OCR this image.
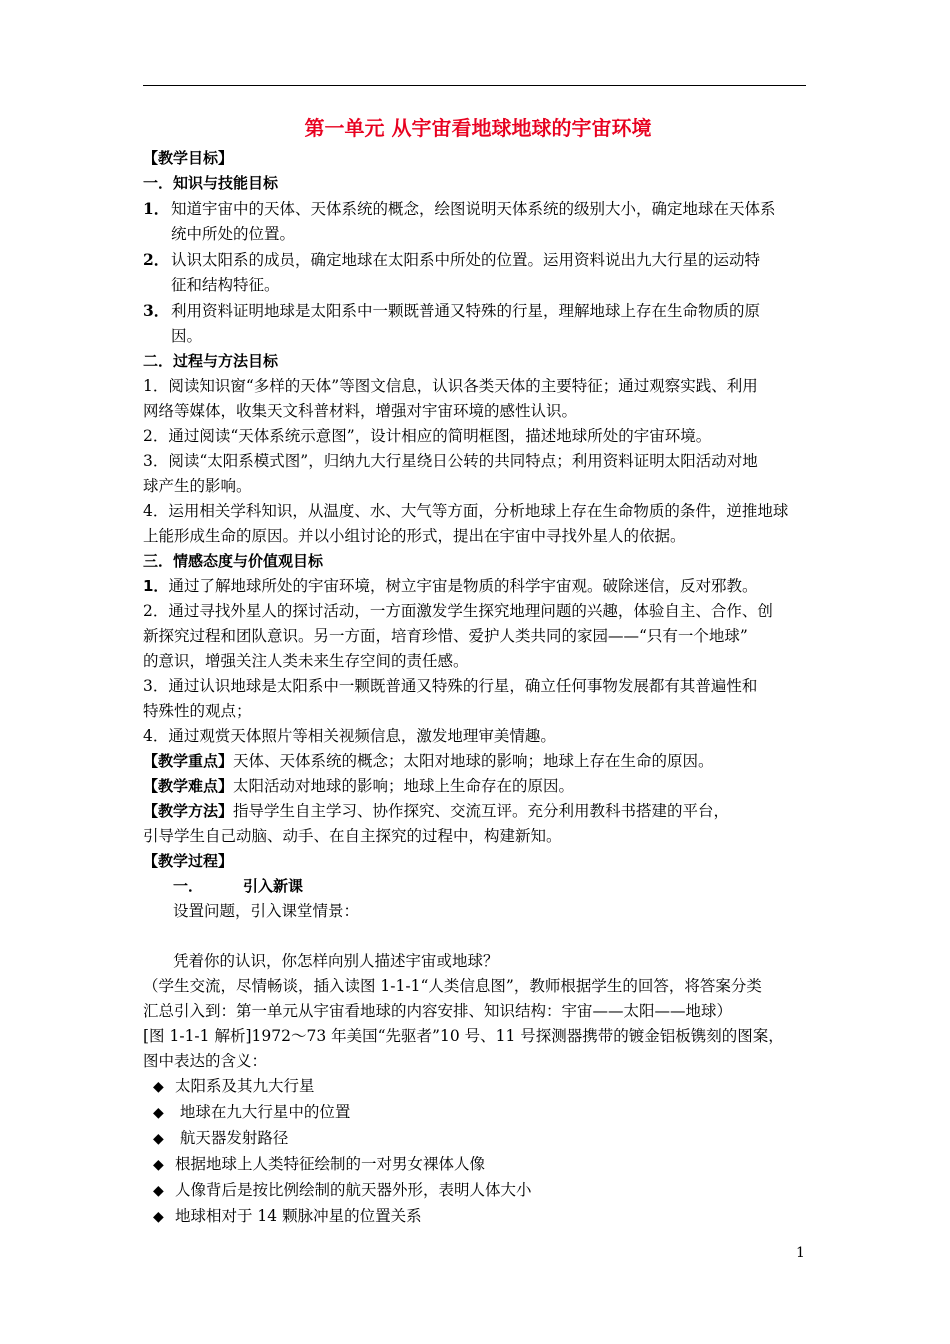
第一单元 从宇宙看地球地球的宇宙环境

【教学目标】

一．知识与技能目标

1． 知道宇宙中的天体、天体系统的概念，绘图说明天体系统的级别大小，确定地球在天体系

统中所处的位置。

2． 认识太阳系的成员，确定地球在太阳系中所处的位置。运用资料说出九大行星的运动特

征和结构特征。

3． 利用资料证明地球是太阳系中一颗既普通又特殊的行星，理解地球上存在生命物质的原

因。

二．过程与方法目标

1．阅读知识窗“多样的天体”等图文信息，认识各类天体的主要特征；通过观察实践、利用

网络等媒体，收集天文科普材料，增强对宇宙环境的感性认识。

2．通过阅读“天体系统示意图”，设计相应的简明框图，描述地球所处的宇宙环境。

3．阅读“太阳系模式图”，归纳九大行星绕日公转的共同特点；利用资料证明太阳活动对地

球产生的影响。

4．运用相关学科知识，从温度、水、大气等方面，分析地球上存在生命物质的条件，逆推地球

上能形成生命的原因。并以小组讨论的形式，提出在宇宙中寻找外星人的依据。

三．情感态度与价值观目标

1．通过了解地球所处的宇宙环境，树立宇宙是物质的科学宇宙观。破除迷信，反对邪教。

2．通过寻找外星人的探讨活动，一方面激发学生探究地理问题的兴趣，体验自主、合作、创

新探究过程和团队意识。另一方面，培育珍惜、爱护人类共同的家园——“只有一个地球”

的意识，增强关注人类未来生存空间的责任感。

3．通过认识地球是太阳系中一颗既普通又特殊的行星，确立任何事物发展都有其普遍性和

特殊性的观点；

4．通过观赏天体照片等相关视频信息，激发地理审美情趣。

【教学重点】天体、天体系统的概念；太阳对地球的影响；地球上存在生命的原因。

【教学难点】太阳活动对地球的影响；地球上生命存在的原因。

【教学方法】指导学生自主学习、协作探究、交流互评。充分利用教科书搭建的平台，

引导学生自己动脑、动手、在自主探究的过程中，构建新知。

【教学过程】

一．	引入新课

设置问题，引入课堂情景：

凭着你的认识，你怎样向别人描述宇宙或地球？

（学生交流，尽情畅谈，插入读图 1-1-1“人类信息图”，教师根据学生的回答，将答案分类

汇总引入到：第一单元从宇宙看地球的内容安排、知识结构：宇宙——太阳——地球）

[图 1-1-1 解析]1972～73 年美国“先驱者”10 号、11 号探测器携带的镀金铝板镌刻的图案，

图中表达的含义：

◆ 太阳系及其九大行星
◆ 地球在九大行星中的位置
◆ 航天器发射路径
◆ 根据地球上人类特征绘制的一对男女裸体人像
◆ 人像背后是按比例绘制的航天器外形，表明人体大小
◆ 地球相对于 14 颗脉冲星的位置关系
1
